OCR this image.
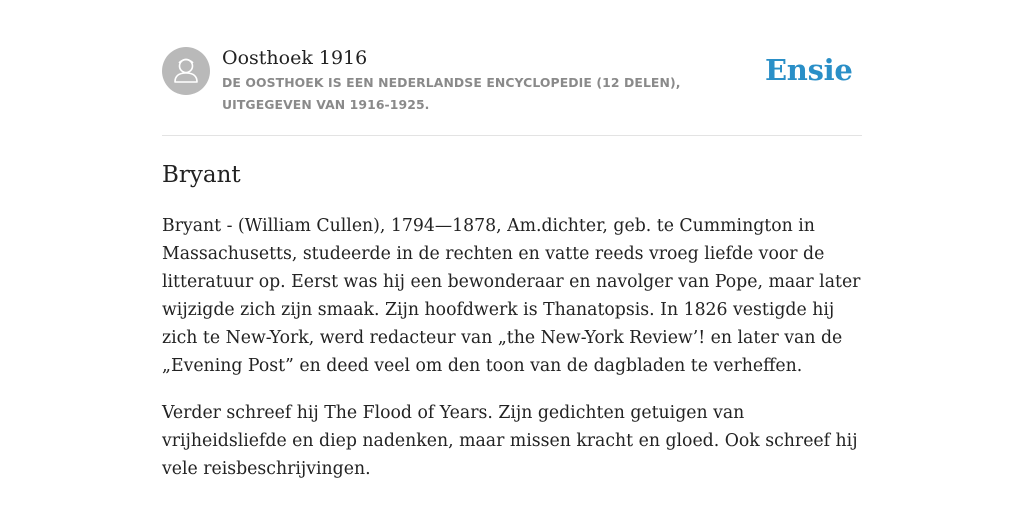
Oosthoek 1916
DE OOSTHOEK IS EEN NEDERLANDSE ENCYCLOPEDIE (12 DELEN), UITGEGEVEN VAN 1916-1925.
Ensie
Bryant

Bryant - (William Cullen), 1794—1878, Am.dichter, geb. te Cummington in Massachusetts, studeerde in de rechten en vatte reeds vroeg liefde voor de litteratuur op. Eerst was hij een bewonderaar en navolger van Pope, maar later wijzigde zich zijn smaak. Zijn hoofdwerk is Thanatopsis. In 1826 vestigde hij zich te New-York, werd redacteur van „the New-York Review’! en later van de „Evening Post” en deed veel om den toon van de dagbladen te verheffen.

Verder schreef hij The Flood of Years. Zijn gedichten getuigen van vrijheidsliefde en diep nadenken, maar missen kracht en gloed. Ook schreef hij vele reisbeschrijvingen.
